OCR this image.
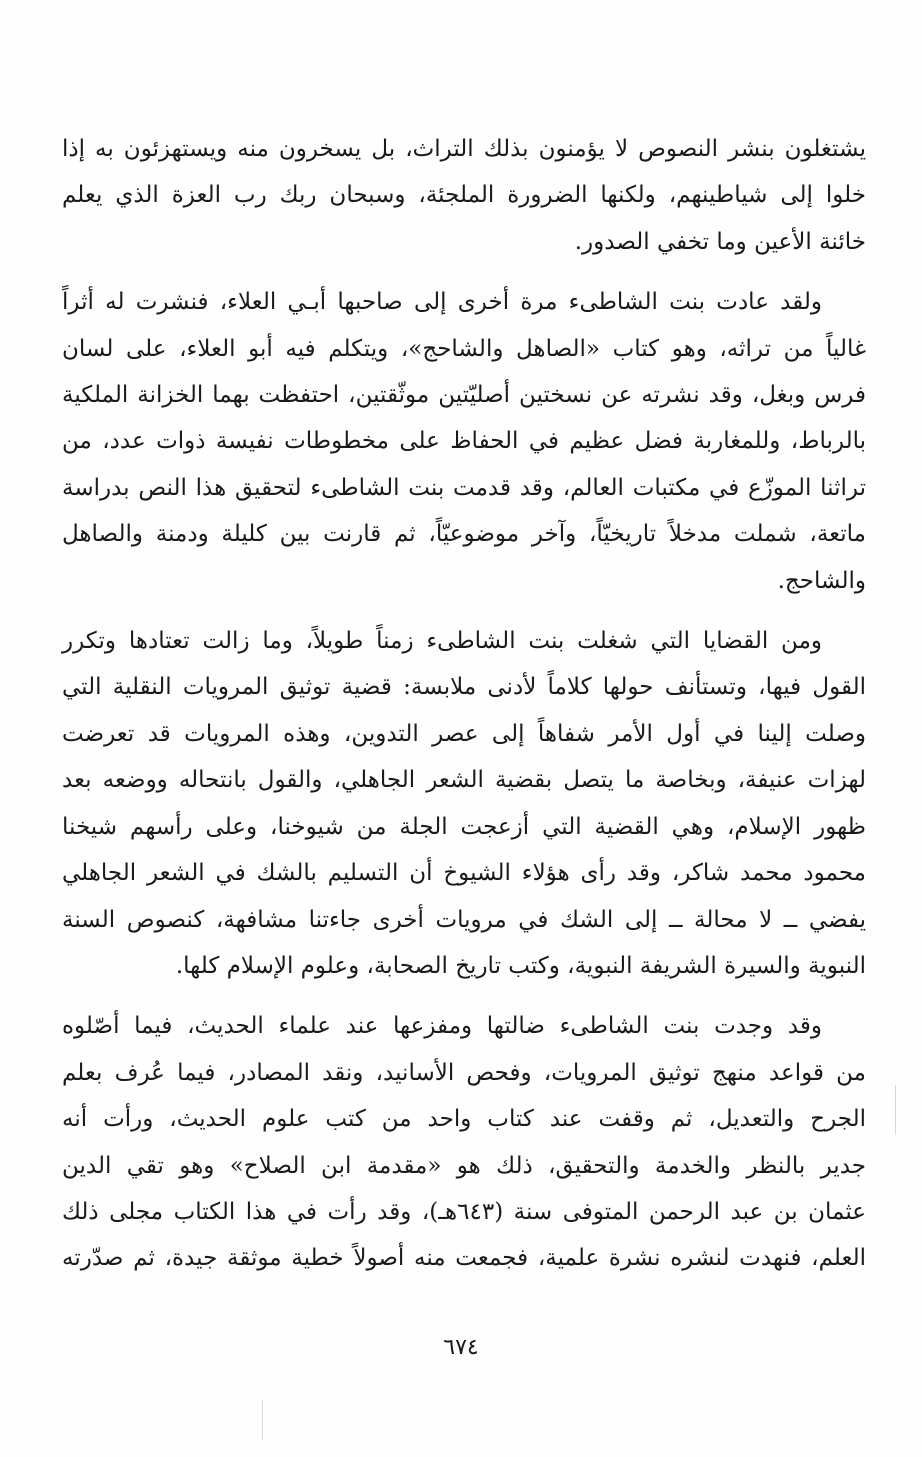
يشتغلون بنشر النصوص لا يؤمنون بذلك التراث، بل يسخرون منه ويستهزئون به إذا
خلوا إلى شياطينهم، ولكنها الضرورة الملجئة، وسبحان ربك رب العزة الذي يعلم
خائنة الأعين وما تخفي الصدور.

ولقد عادت بنت الشاطىء مرة أخرى إلى صاحبها أبـي العلاء، فنشرت له أثراً
غالياً من تراثه، وهو كتاب «الصاهل والشاحج»، ويتكلم فيه أبو العلاء، على لسان
فرس وبغل، وقد نشرته عن نسختين أصليّتين موثّقتين، احتفظت بهما الخزانة الملكية
بالرباط، وللمغاربة فضل عظيم في الحفاظ على مخطوطات نفيسة ذوات عدد، من
تراثنا الموزّع في مكتبات العالم، وقد قدمت بنت الشاطىء لتحقيق هذا النص بدراسة
ماتعة، شملت مدخلاً تاريخيّاً، وآخر موضوعيّاً، ثم قارنت بين كليلة ودمنة والصاهل
والشاحج.

ومن القضايا التي شغلت بنت الشاطىء زمناً طويلاً، وما زالت تعتادها وتكرر
القول فيها، وتستأنف حولها كلاماً لأدنى ملابسة: قضية توثيق المرويات النقلية التي
وصلت إلينا في أول الأمر شفاهاً إلى عصر التدوين، وهذه المرويات قد تعرضت
لهزات عنيفة، وبخاصة ما يتصل بقضية الشعر الجاهلي، والقول بانتحاله ووضعه بعد
ظهور الإسلام، وهي القضية التي أزعجت الجلة من شيوخنا، وعلى رأسهم شيخنا
محمود محمد شاكر، وقد رأى هؤلاء الشيوخ أن التسليم بالشك في الشعر الجاهلي
يفضي ــ لا محالة ــ إلى الشك في مرويات أخرى جاءتنا مشافهة، كنصوص السنة
النبوية والسيرة الشريفة النبوية، وكتب تاريخ الصحابة، وعلوم الإسلام كلها.

وقد وجدت بنت الشاطىء ضالتها ومفزعها عند علماء الحديث، فيما أصّلوه
من قواعد منهج توثيق المرويات، وفحص الأسانيد، ونقد المصادر، فيما عُرف بعلم
الجرح والتعديل، ثم وقفت عند كتاب واحد من كتب علوم الحديث، ورأت أنه
جدير بالنظر والخدمة والتحقيق، ذلك هو «مقدمة ابن الصلاح» وهو تقي الدين
عثمان بن عبد الرحمن المتوفى سنة (٦٤٣هـ)، وقد رأت في هذا الكتاب مجلى ذلك
العلم، فنهدت لنشره نشرة علمية، فجمعت منه أصولاً خطية موثقة جيدة، ثم صدّرته

٦٧٤
